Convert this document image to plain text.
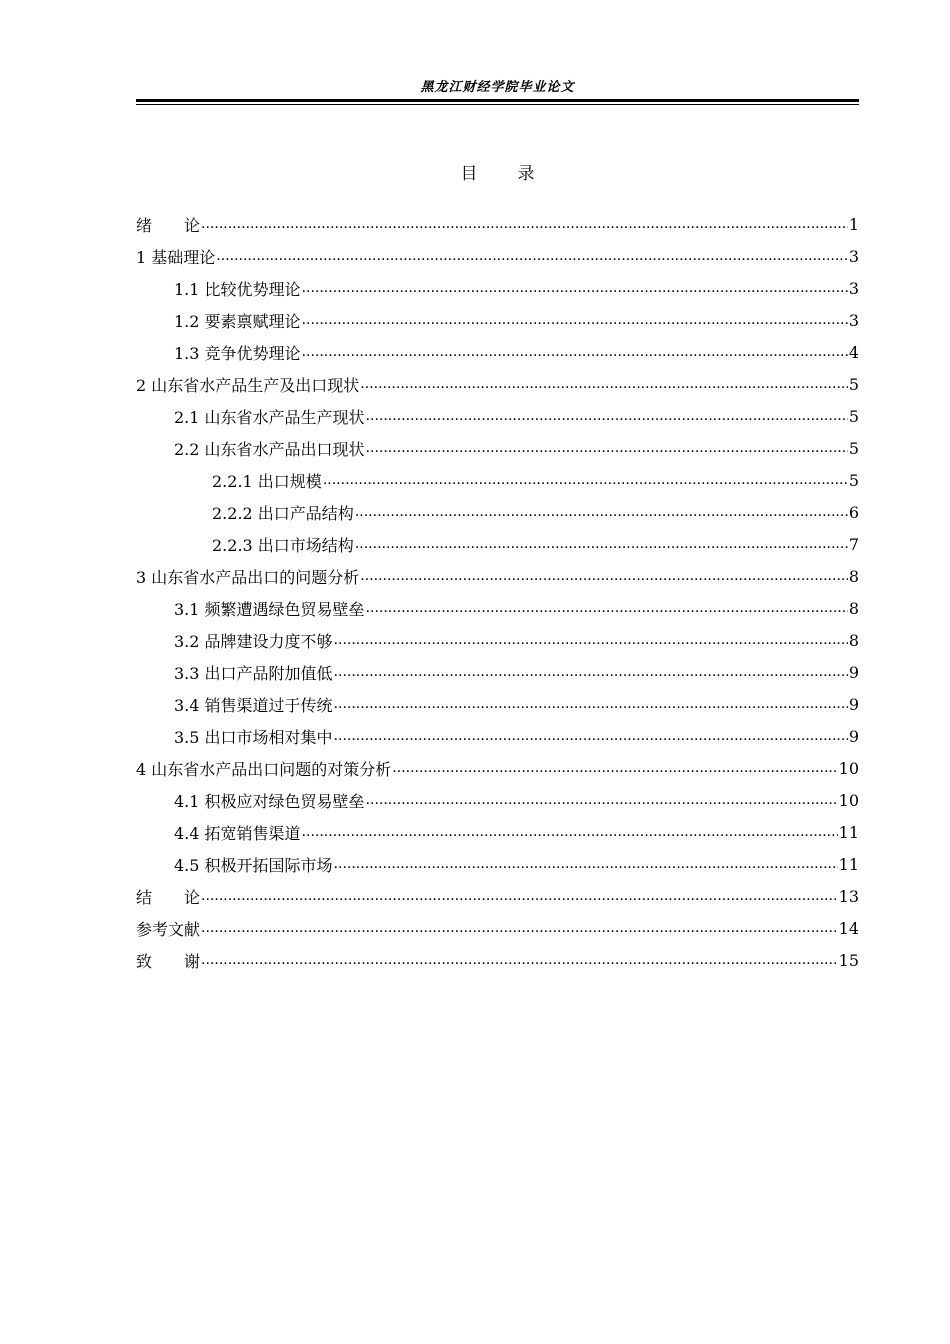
黑龙江财经学院毕业论文
目 录
绪　　论 .....	1
1 基础理论 .....	3
1.1 比较优势理论 .....	3
1.2 要素禀赋理论 .....	3
1.3 竞争优势理论 .....	4
2 山东省水产品生产及出口现状 .....	5
2.1 山东省水产品生产现状 .....	5
2.2 山东省水产品出口现状 .....	5
2.2.1 出口规模 .....	5
2.2.2 出口产品结构 .....	6
2.2.3 出口市场结构 .....	7
3 山东省水产品出口的问题分析 .....	8
3.1 频繁遭遇绿色贸易壁垒 .....	8
3.2 品牌建设力度不够 .....	8
3.3 出口产品附加值低 .....	9
3.4 销售渠道过于传统 .....	9
3.5 出口市场相对集中 .....	9
4 山东省水产品出口问题的对策分析 .....	10
4.1 积极应对绿色贸易壁垒 .....	10
4.4 拓宽销售渠道 .....	11
4.5 积极开拓国际市场 .....	11
结　　论 .....	13
参考文献 .....	14
致　　谢 .....	15
